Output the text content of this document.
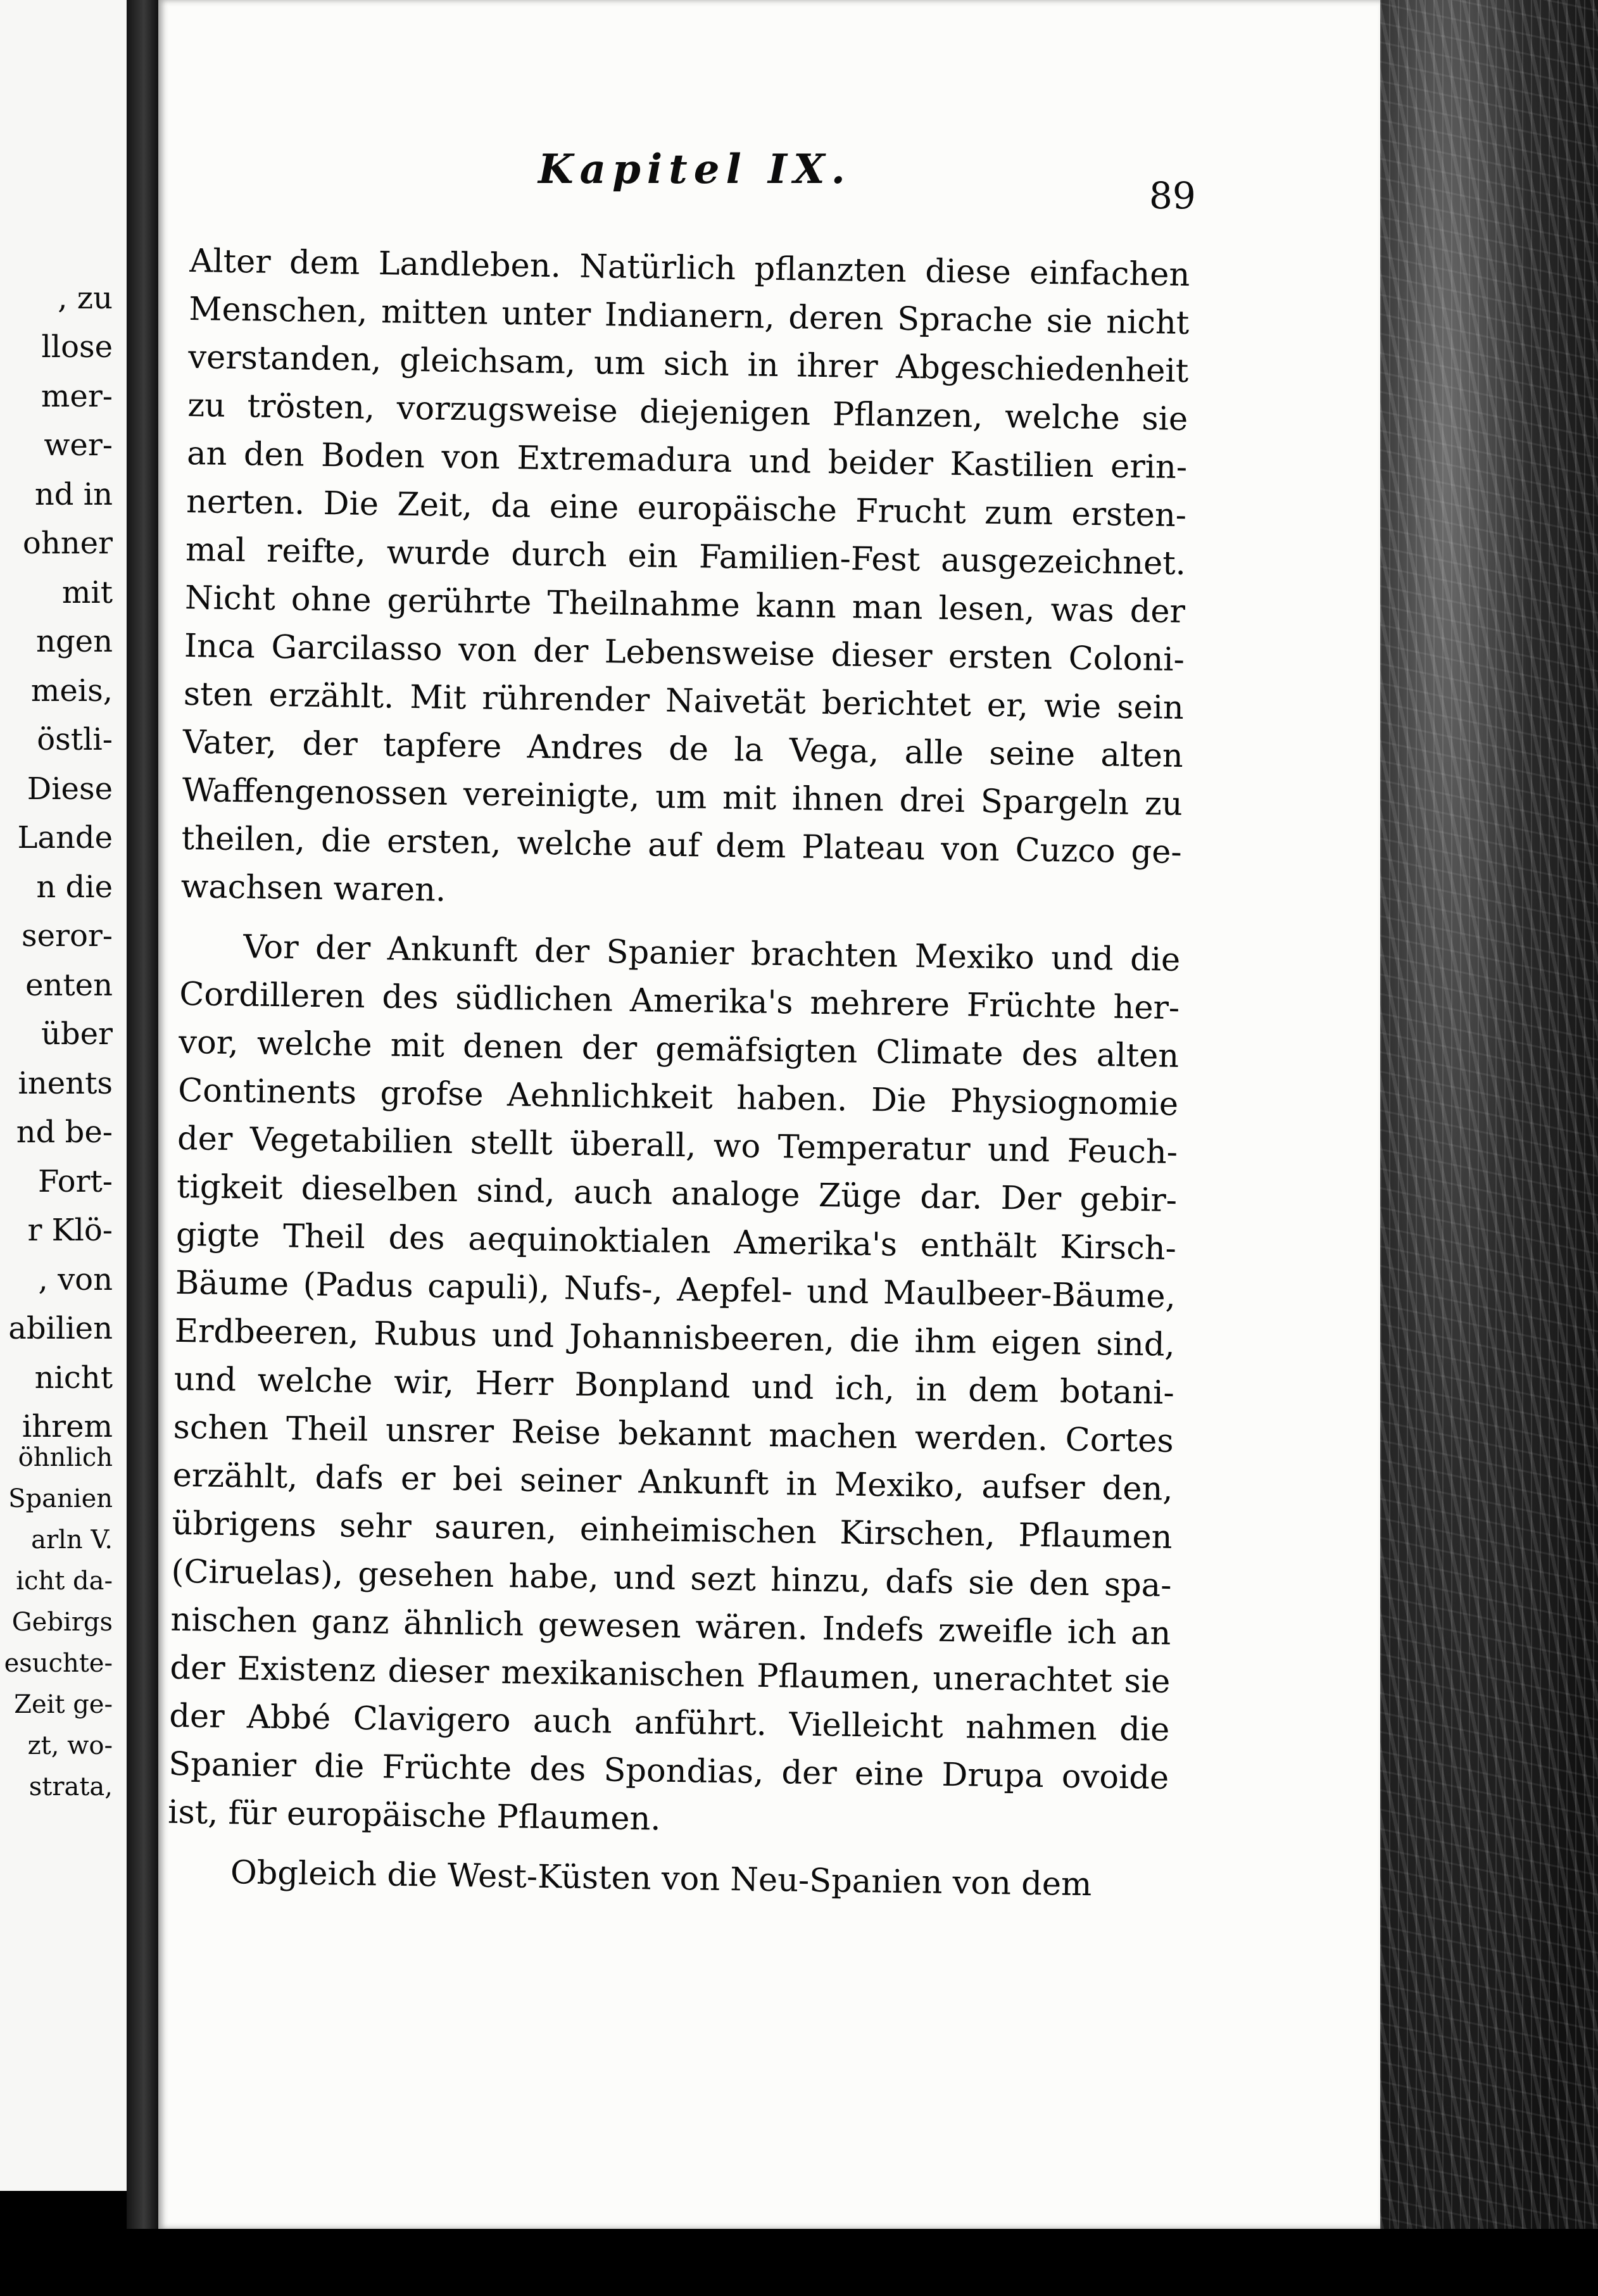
, zu
llose
mer-
wer-
nd in
ohner
mit
ngen
meis,
östli-
Diese
Lande
n die
seror-
enten
über
inents
nd be-
Fort-
r Klö-
, von
abilien
nicht
ihrem
öhnlich
Spanien
arln V.
icht da-
Gebirgs
esuchte-
Zeit ge-
zt, wo-
strata,
Kapitel IX.
89
Alter dem Landleben. Natürlich pflanzten diese einfachen
Menschen, mitten unter Indianern, deren Sprache sie nicht
verstanden, gleichsam, um sich in ihrer Abgeschiedenheit
zu trösten, vorzugsweise diejenigen Pflanzen, welche sie
an den Boden von Extremadura und beider Kastilien erin-
nerten. Die Zeit, da eine europäische Frucht zum ersten-
mal reifte, wurde durch ein Familien-Fest ausgezeichnet.
Nicht ohne gerührte Theilnahme kann man lesen, was der
Inca Garcilasso von der Lebensweise dieser ersten Coloni-
sten erzählt. Mit rührender Naivetät berichtet er, wie sein
Vater, der tapfere Andres de la Vega, alle seine alten
Waffengenossen vereinigte, um mit ihnen drei Spargeln zu
theilen, die ersten, welche auf dem Plateau von Cuzco ge-
wachsen waren.
Vor der Ankunft der Spanier brachten Mexiko und die
Cordilleren des südlichen Amerika's mehrere Früchte her-
vor, welche mit denen der gemäfsigten Climate des alten
Continents grofse Aehnlichkeit haben. Die Physiognomie
der Vegetabilien stellt überall, wo Temperatur und Feuch-
tigkeit dieselben sind, auch analoge Züge dar. Der gebir-
gigte Theil des aequinoktialen Amerika's enthält Kirsch-
Bäume (Padus capuli), Nufs-, Aepfel- und Maulbeer-Bäume,
Erdbeeren, Rubus und Johannisbeeren, die ihm eigen sind,
und welche wir, Herr Bonpland und ich, in dem botani-
schen Theil unsrer Reise bekannt machen werden. Cortes
erzählt, dafs er bei seiner Ankunft in Mexiko, aufser den,
übrigens sehr sauren, einheimischen Kirschen, Pflaumen
(Ciruelas), gesehen habe, und sezt hinzu, dafs sie den spa-
nischen ganz ähnlich gewesen wären. Indefs zweifle ich an
der Existenz dieser mexikanischen Pflaumen, unerachtet sie
der Abbé Clavigero auch anführt. Vielleicht nahmen die
Spanier die Früchte des Spondias, der eine Drupa ovoide
ist, für europäische Pflaumen.
Obgleich die West-Küsten von Neu-Spanien von dem
